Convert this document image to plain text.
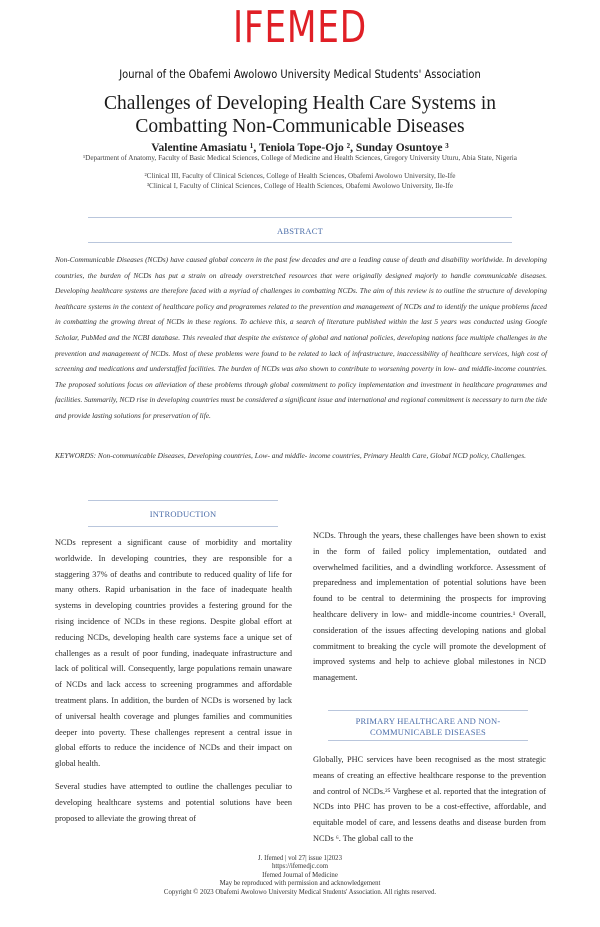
IFEMED
Journal of the Obafemi Awolowo University Medical Students' Association
Challenges of Developing Health Care Systems in
Combatting Non-Communicable Diseases
Valentine Amasiatu ¹, Teniola Tope-Ojo ², Sunday Osuntoye ³
¹Department of Anatomy, Faculty of Basic Medical Sciences, College of Medicine and Health Sciences, Gregory University Uturu, Abia State, Nigeria
²Clinical III, Faculty of Clinical Sciences, College of Health Sciences, Obafemi Awolowo University, Ile-Ife
³Clinical I, Faculty of Clinical Sciences, College of Health Sciences, Obafemi Awolowo University, Ile-Ife
ABSTRACT
Non-Communicable Diseases (NCDs) have caused global concern in the past few decades and are a leading cause of death and disability worldwide. In developing countries, the burden of NCDs has put a strain on already overstretched resources that were originally designed majorly to handle communicable diseases. Developing healthcare systems are therefore faced with a myriad of challenges in combatting NCDs. The aim of this review is to outline the structure of developing healthcare systems in the context of healthcare policy and programmes related to the prevention and management of NCDs and to identify the unique problems faced in combatting the growing threat of NCDs in these regions. To achieve this, a search of literature published within the last 5 years was conducted using Google Scholar, PubMed and the NCBI database. This revealed that despite the existence of global and national policies, developing nations face multiple challenges in the prevention and management of NCDs. Most of these problems were found to be related to lack of infrastructure, inaccessibility of healthcare services, high cost of screening and medications and understaffed facilities. The burden of NCDs was also shown to contribute to worsening poverty in low- and middle-income countries. The proposed solutions focus on alleviation of these problems through global commitment to policy implementation and investment in healthcare programmes and facilities. Summarily, NCD rise in developing countries must be considered a significant issue and international and regional commitment is necessary to turn the tide and provide lasting solutions for preservation of life.
KEYWORDS: Non-communicable Diseases, Developing countries, Low- and middle- income countries, Primary Health Care, Global NCD policy, Challenges.
INTRODUCTION

NCDs represent a significant cause of morbidity and mortality worldwide. In developing countries, they are responsible for a staggering 37% of deaths and contribute to reduced quality of life for many others. Rapid urbanisation in the face of inadequate health systems in developing countries provides a festering ground for the rising incidence of NCDs in these regions. Despite global effort at reducing NCDs, developing health care systems face a unique set of challenges as a result of poor funding, inadequate infrastructure and lack of political will. Consequently, large populations remain unaware of NCDs and lack access to screening programmes and affordable treatment plans. In addition, the burden of NCDs is worsened by lack of universal health coverage and plunges families and communities deeper into poverty. These challenges represent a central issue in global efforts to reduce the incidence of NCDs and their impact on global health.

Several studies have attempted to outline the challenges peculiar to developing healthcare systems and potential solutions have been proposed to alleviate the growing threat of

NCDs. Through the years, these challenges have been shown to exist in the form of failed policy implementation, outdated and overwhelmed facilities, and a dwindling workforce. Assessment of preparedness and implementation of potential solutions have been found to be central to determining the prospects for improving healthcare delivery in low- and middle-income countries.¹ Overall, consideration of the issues affecting developing nations and global commitment to breaking the cycle will promote the development of improved systems and help to achieve global milestones in NCD management.

PRIMARY HEALTHCARE AND NON-
COMMUNICABLE DISEASES

Globally, PHC services have been recognised as the most strategic means of creating an effective healthcare response to the prevention and control of NCDs.²⁵ Varghese et al. reported that the integration of NCDs into PHC has proven to be a cost-effective, affordable, and equitable model of care, and lessens deaths and disease burden from NCDs ⁶. The global call to the

J. Ifemed | vol 27| issue 1|2023
https://ifemedjc.com
Ifemed Journal of Medicine
May be reproduced with permission and acknowledgement
Copyright © 2023 Obafemi Awolowo University Medical Students' Association. All rights reserved.
